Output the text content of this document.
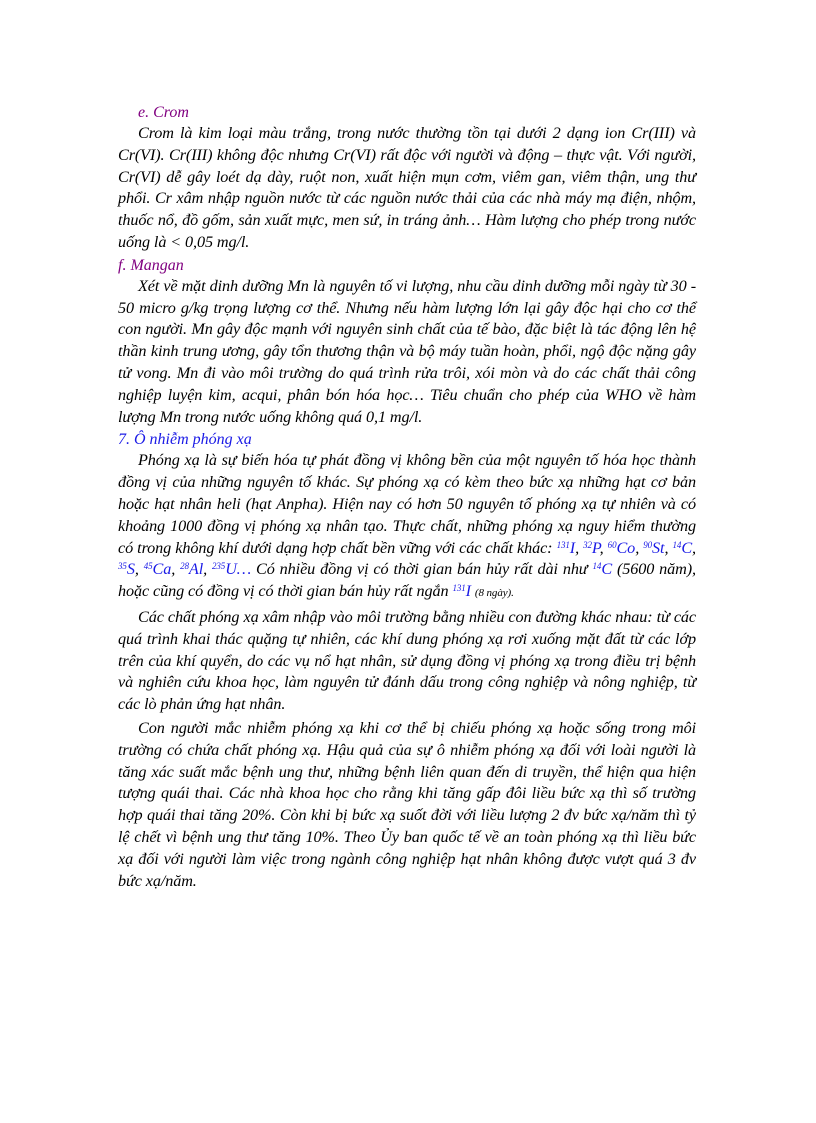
e. Crom

Crom là kim loại màu trắng, trong nước thường tồn tại dưới 2 dạng ion Cr(III) và Cr(VI). Cr(III) không độc nhưng Cr(VI) rất độc với người và động – thực vật. Với người, Cr(VI) dễ gây loét dạ dày, ruột non, xuất hiện mụn cơm, viêm gan, viêm thận, ung thư phổi. Cr xâm nhập nguồn nước từ các nguồn nước thải của các nhà máy mạ điện, nhộm, thuốc nổ, đồ gốm, sản xuất mực, men sứ, in tráng ảnh… Hàm lượng cho phép trong nước uống là < 0,05 mg/l.

f. Mangan

Xét về mặt dinh dưỡng Mn là nguyên tố vi lượng, nhu cầu dinh dưỡng mỗi ngày từ 30 - 50 micro g/kg trọng lượng cơ thể. Nhưng nếu hàm lượng lớn lại gây độc hại cho cơ thể con người. Mn gây độc mạnh với nguyên sinh chất của tế bào, đặc biệt là tác động lên hệ thần kinh trung ương, gây tổn thương thận và bộ máy tuần hoàn, phổi, ngộ độc nặng gây tử vong. Mn đi vào môi trường do quá trình rửa trôi, xói mòn và do các chất thải công nghiệp luyện kim, acqui, phân bón hóa học… Tiêu chuẩn cho phép của WHO về hàm lượng Mn trong nước uống không quá 0,1 mg/l.

7. Ô nhiễm phóng xạ

Phóng xạ là sự biến hóa tự phát đồng vị không bền của một nguyên tố hóa học thành đồng vị của những nguyên tố khác. Sự phóng xạ có kèm theo bức xạ những hạt cơ bản hoặc hạt nhân heli (hạt Anpha). Hiện nay có hơn 50 nguyên tố phóng xạ tự nhiên và có khoảng 1000 đồng vị phóng xạ nhân tạo. Thực chất, những phóng xạ nguy hiểm thường có trong không khí dưới dạng hợp chất bền vững với các chất khác: $^{131}$I, $^{32}$P, $^{60}$Co, $^{90}$St, $^{14}$C, $^{35}$S, $^{45}$Ca, $^{28}$Al, $^{235}$U… Có nhiều đồng vị có thời gian bán hủy rất dài như $^{14}$C (5600 năm), hoặc cũng có đồng vị có thời gian bán hủy rất ngắn $^{131}$I (8 ngày).

Các chất phóng xạ xâm nhập vào môi trường bằng nhiều con đường khác nhau: từ các quá trình khai thác quặng tự nhiên, các khí dung phóng xạ rơi xuống mặt đất từ các lớp trên của khí quyển, do các vụ nổ hạt nhân, sử dụng đồng vị phóng xạ trong điều trị bệnh và nghiên cứu khoa học, làm nguyên tử đánh dấu trong công nghiệp và nông nghiệp, từ các lò phản ứng hạt nhân.

Con người mắc nhiễm phóng xạ khi cơ thể bị chiếu phóng xạ hoặc sống trong môi trường có chứa chất phóng xạ. Hậu quả của sự ô nhiễm phóng xạ đối với loài người là tăng xác suất mắc bệnh ung thư, những bệnh liên quan đến di truyền, thể hiện qua hiện tượng quái thai. Các nhà khoa học cho rằng khi tăng gấp đôi liều bức xạ thì số trường hợp quái thai tăng 20%. Còn khi bị bức xạ suốt đời với liều lượng 2 đv bức xạ/năm thì tỷ lệ chết vì bệnh ung thư tăng 10%. Theo Ủy ban quốc tế về an toàn phóng xạ thì liều bức xạ đối với người làm việc trong ngành công nghiệp hạt nhân không được vượt quá 3 đv bức xạ/năm.
